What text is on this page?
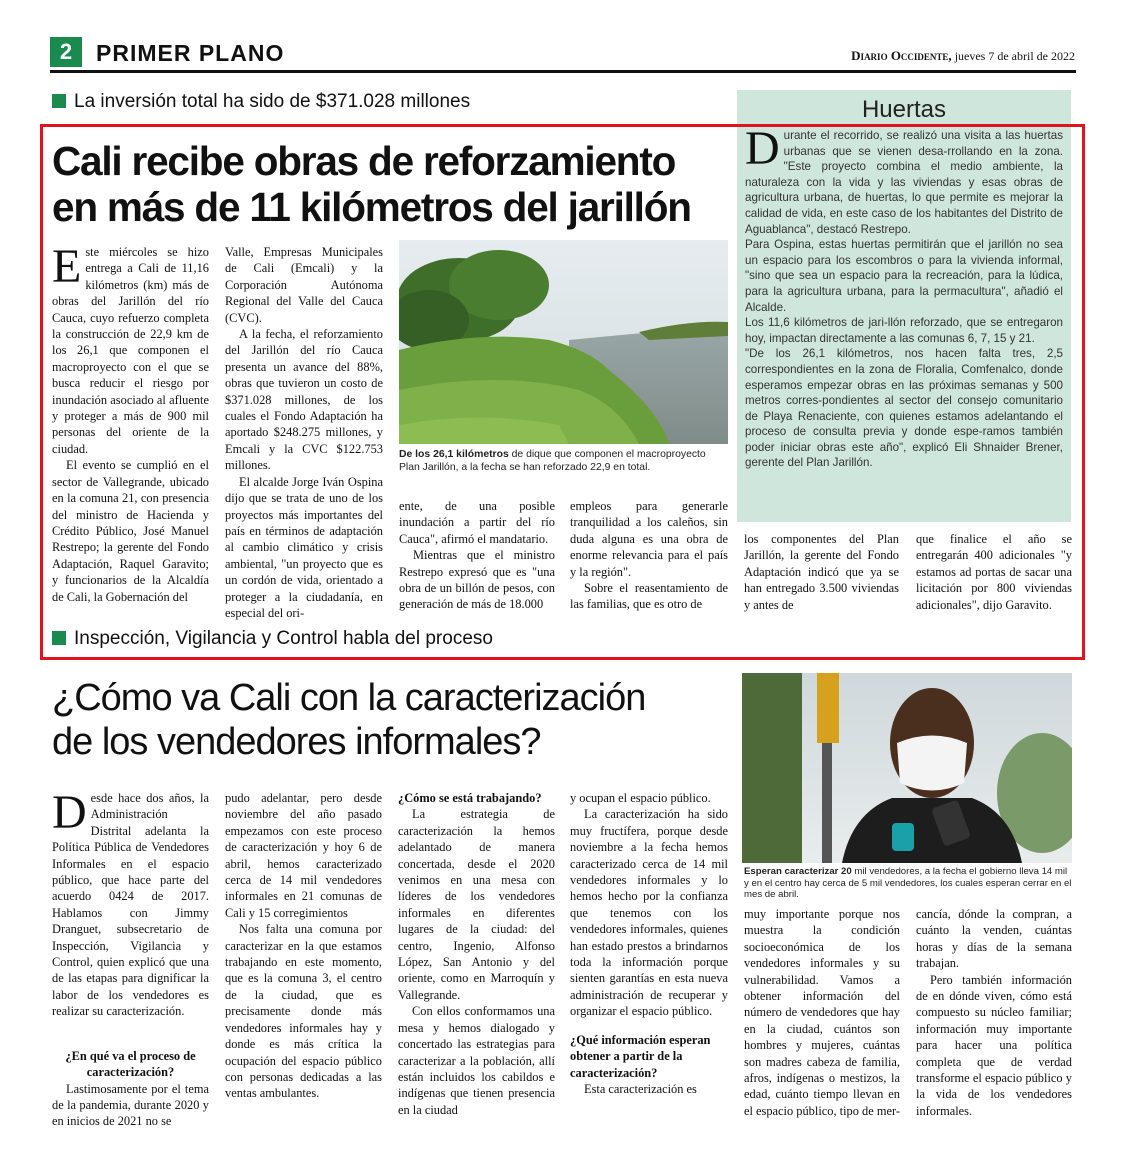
2	PRIMER PLANO	Diario Occidente, jueves 7 de abril de 2022
La inversión total ha sido de $371.028 millones
Cali recibe obras de reforzamiento
en más de 11 kilómetros del jarillón

Este miércoles se hizo entrega a Cali de 11,16 kilómetros (km) más de obras del Jarillón del río Cauca, cuyo refuerzo completa la construcción de 22,9 km de los 26,1 que componen el macroproyecto con el que se busca reducir el riesgo por inundación asociado al afluente y proteger a más de 900 mil personas del oriente de la ciudad.

El evento se cumplió en el sector de Vallegrande, ubicado en la comuna 21, con presencia del ministro de Hacienda y Crédito Público, José Manuel Restrepo; la gerente del Fondo Adaptación, Raquel Garavito; y funcionarios de la Alcaldía de Cali, la Gobernación del

Valle, Empresas Municipales de Cali (Emcali) y la Corporación Autónoma Regional del Valle del Cauca (CVC).

A la fecha, el reforzamiento del Jarillón del río Cauca presenta un avance del 88%, obras que tuvieron un costo de $371.028 millones, de los cuales el Fondo Adaptación ha aportado $248.275 millones, y Emcali y la CVC $122.753 millones.

El alcalde Jorge Iván Ospina dijo que se trata de uno de los proyectos más importantes del país en términos de adaptación al cambio climático y crisis ambiental, "un proyecto que es un cordón de vida, orientado a proteger a la ciudadanía, en especial del ori-

De los 26,1 kilómetros de dique que componen el macroproyecto Plan Jarillón, a la fecha se han reforzado 22,9 en total.

ente, de una posible inundación a partir del río Cauca", afirmó el mandatario.

Mientras que el ministro Restrepo expresó que es "una obra de un billón de pesos, con generación de más de 18.000

empleos para generarle tranquilidad a los caleños, sin duda alguna es una obra de enorme relevancia para el país y la región".

Sobre el reasentamiento de las familias, que es otro de

los componentes del Plan Jarillón, la gerente del Fondo Adaptación indicó que ya se han entregado 3.500 viviendas y antes de

que finalice el año se entregarán 400 adicionales "y estamos ad portas de sacar una licitación por 800 viviendas adicionales", dijo Garavito.

Huertas

Durante el recorrido, se realizó una visita a las huertas urbanas que se vienen desa-rrollando en la zona. "Este proyecto combina el medio ambiente, la naturaleza con la vida y las viviendas y esas obras de agricultura urbana, de huertas, lo que permite es mejorar la calidad de vida, en este caso de los habitantes del Distrito de Aguablanca", destacó Restrepo.

Para Ospina, estas huertas permitirán que el jarillón no sea un espacio para los escombros o para la vivienda informal, "sino que sea un espacio para la recreación, para la lúdica, para la agricultura urbana, para la permacultura", añadió el Alcalde.

Los 11,6 kilómetros de jari-llón reforzado, que se entregaron hoy, impactan directamente a las comunas 6, 7, 15 y 21.

"De los 26,1 kilómetros, nos hacen falta tres, 2,5 correspondientes en la zona de Floralia, Comfenalco, donde esperamos empezar obras en las próximas semanas y 500 metros corres-pondientes al sector del consejo comunitario de Playa Renaciente, con quienes estamos adelantando el proceso de consulta previa y donde espe-ramos también poder iniciar obras este año", explicó Eli Shnaider Brener, gerente del Plan Jarillón.

Inspección, Vigilancia y Control habla del proceso
¿Cómo va Cali con la caracterización
de los vendedores informales?

Desde hace dos años, la Administración Distrital adelanta la Política Pública de Vendedores Informales en el espacio público, que hace parte del acuerdo 0424 de 2017. Hablamos con Jimmy Dranguet, subsecretario de Inspección, Vigilancia y Control, quien explicó que una de las etapas para dignificar la labor de los vendedores es realizar su caracterización.

¿En qué va el proceso de caracterización?

Lastimosamente por el tema de la pandemia, durante 2020 y en inicios de 2021 no se

pudo adelantar, pero desde noviembre del año pasado empezamos con este proceso de caracterización y hoy 6 de abril, hemos caracterizado cerca de 14 mil vendedores informales en 21 comunas de Cali y 15 corregimientos

Nos falta una comuna por caracterizar en la que estamos trabajando en este momento, que es la comuna 3, el centro de la ciudad, que es precisamente donde más vendedores informales hay y donde es más crítica la ocupación del espacio público con personas dedicadas a las ventas ambulantes.

¿Cómo se está trabajando?

La estrategia de caracterización la hemos adelantado de manera concertada, desde el 2020 venimos en una mesa con líderes de los vendedores informales en diferentes lugares de la ciudad: del centro, Ingenio, Alfonso López, San Antonio y del oriente, como en Marroquín y Vallegrande.

Con ellos conformamos una mesa y hemos dialogado y concertado las estrategias para caracterizar a la población, allí están incluidos los cabildos e indígenas que tienen presencia en la ciudad

y ocupan el espacio público.

La caracterización ha sido muy fructífera, porque desde noviembre a la fecha hemos caracterizado cerca de 14 mil vendedores informales y lo hemos hecho por la confianza que tenemos con los vendedores informales, quienes han estado prestos a brindarnos toda la información porque sienten garantías en esta nueva administración de recuperar y organizar el espacio público.

¿Qué información esperan obtener a partir de la caracterización?

Esta caracterización es

Esperan caracterizar 20 mil vendedores, a la fecha el gobierno lleva 14 mil y en el centro hay cerca de 5 mil vendedores, los cuales esperan cerrar en el mes de abril.

muy importante porque nos muestra la condición socioeconómica de los vendedores informales y su vulnerabilidad. Vamos a obtener información del número de vendedores que hay en la ciudad, cuántos son hombres y mujeres, cuántas son madres cabeza de familia, afros, indígenas o mestizos, la edad, cuánto tiempo llevan en el espacio público, tipo de mer-

cancía, dónde la compran, a cuánto la venden, cuántas horas y días de la semana trabajan.

Pero también información de en dónde viven, cómo está compuesto su núcleo familiar; información muy importante para hacer una política completa que de verdad transforme el espacio público y la vida de los vendedores informales.
